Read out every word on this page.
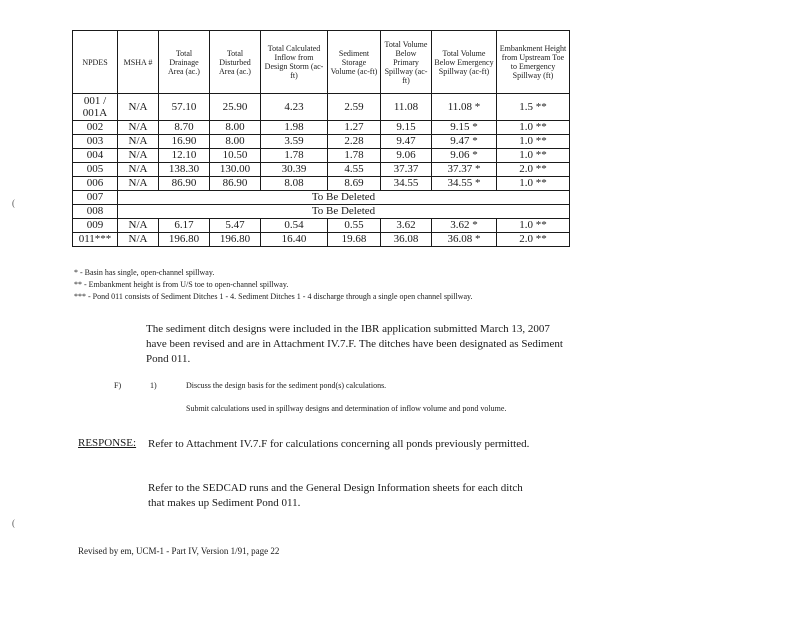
NPDES	MSHA #	Total Drainage Area (ac.)	Total Disturbed Area (ac.)	Total Calculated Inflow from Design Storm (ac-ft)	Sediment Storage Volume (ac-ft)	Total Volume Below Primary Spillway (ac-ft)	Total Volume Below Emergency Spillway (ac-ft)	Embankment Height from Upstream Toe to Emergency Spillway (ft)
001 / 001A	N/A	57.10	25.90	4.23	2.59	11.08	11.08 *	1.5 **
002	N/A	8.70	8.00	1.98	1.27	9.15	9.15 *	1.0 **
003	N/A	16.90	8.00	3.59	2.28	9.47	9.47 *	1.0 **
004	N/A	12.10	10.50	1.78	1.78	9.06	9.06 *	1.0 **
005	N/A	138.30	130.00	30.39	4.55	37.37	37.37 *	2.0 **
006	N/A	86.90	86.90	8.08	8.69	34.55	34.55 *	1.0 **
007	To Be Deleted							
008	To Be Deleted							
009	N/A	6.17	5.47	0.54	0.55	3.62	3.62 *	1.0 **
011***	N/A	196.80	196.80	16.40	19.68	36.08	36.08 *	2.0 **
* - Basin has single, open-channel spillway.
** - Embankment height is from U/S toe to open-channel spillway.
*** - Pond 011 consists of Sediment Ditches 1 - 4. Sediment Ditches 1 - 4 discharge through a single open channel spillway.
The sediment ditch designs were included in the IBR application submitted March 13, 2007 have been revised and are in Attachment IV.7.F. The ditches have been designated as Sediment Pond 011.
F)	1)	Discuss the design basis for the sediment pond(s) calculations.
Submit calculations used in spillway designs and determination of inflow volume and pond volume.
RESPONSE: Refer to Attachment IV.7.F for calculations concerning all ponds previously permitted.
Refer to the SEDCAD runs and the General Design Information sheets for each ditch that makes up Sediment Pond 011.
Revised by em, UCM-1 - Part IV, Version 1/91, page 22
(
(
